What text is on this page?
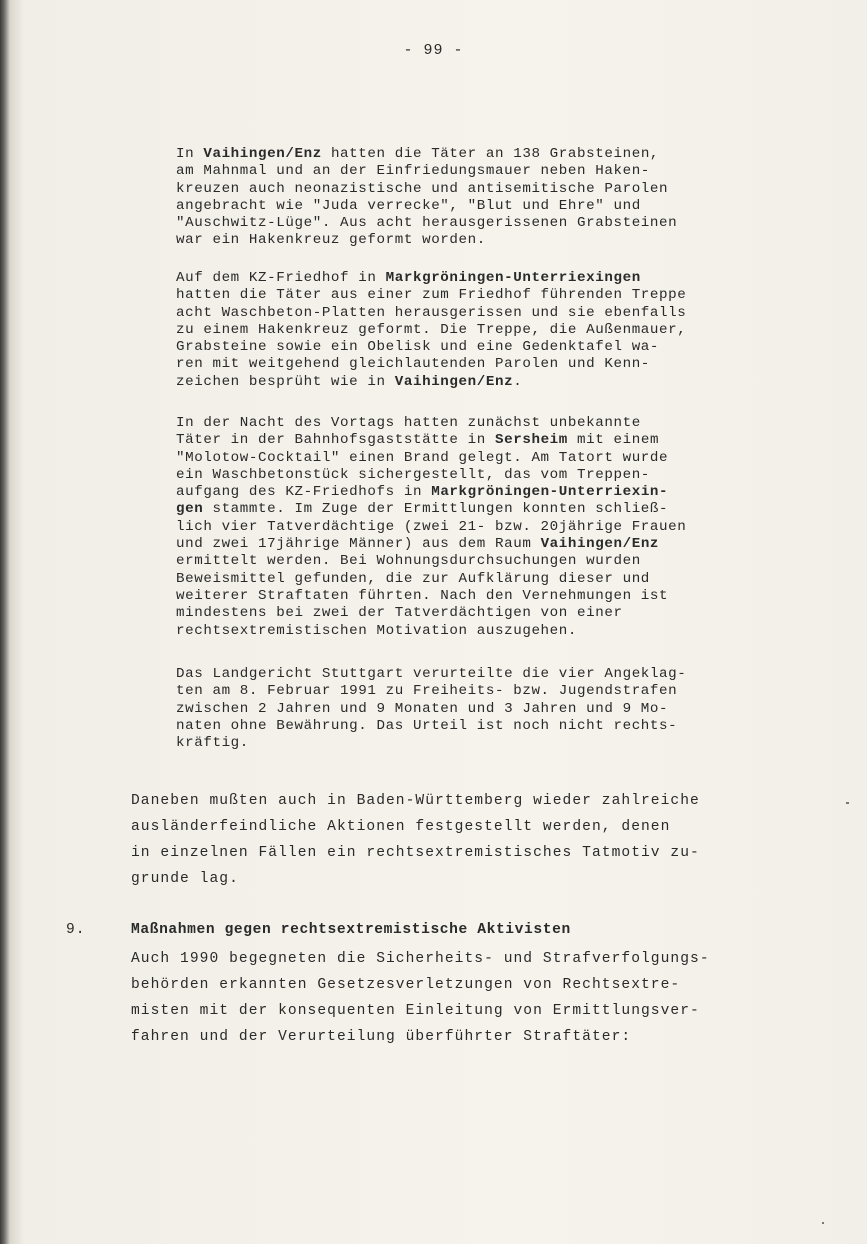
- 99 -
In Vaihingen/Enz hatten die Täter an 138 Grabsteinen,
am Mahnmal und an der Einfriedungsmauer neben Haken-
kreuzen auch neonazistische und antisemitische Parolen
angebracht wie "Juda verrecke", "Blut und Ehre" und
"Auschwitz-Lüge". Aus acht herausgerissenen Grabsteinen
war ein Hakenkreuz geformt worden.
Auf dem KZ-Friedhof in Markgröningen-Unterriexingen
hatten die Täter aus einer zum Friedhof führenden Treppe
acht Waschbeton-Platten herausgerissen und sie ebenfalls
zu einem Hakenkreuz geformt. Die Treppe, die Außenmauer,
Grabsteine sowie ein Obelisk und eine Gedenktafel wa-
ren mit weitgehend gleichlautenden Parolen und Kenn-
zeichen besprüht wie in Vaihingen/Enz.
In der Nacht des Vortags hatten zunächst unbekannte
Täter in der Bahnhofsgaststätte in Sersheim mit einem
"Molotow-Cocktail" einen Brand gelegt. Am Tatort wurde
ein Waschbetonstück sichergestellt, das vom Treppen-
aufgang des KZ-Friedhofs in Markgröningen-Unterriexin-
gen stammte. Im Zuge der Ermittlungen konnten schließ-
lich vier Tatverdächtige (zwei 21- bzw. 20jährige Frauen
und zwei 17jährige Männer) aus dem Raum Vaihingen/Enz
ermittelt werden. Bei Wohnungsdurchsuchungen wurden
Beweismittel gefunden, die zur Aufklärung dieser und
weiterer Straftaten führten. Nach den Vernehmungen ist
mindestens bei zwei der Tatverdächtigen von einer
rechtsextremistischen Motivation auszugehen.
Das Landgericht Stuttgart verurteilte die vier Angeklag-
ten am 8. Februar 1991 zu Freiheits- bzw. Jugendstrafen
zwischen 2 Jahren und 9 Monaten und 3 Jahren und 9 Mo-
naten ohne Bewährung. Das Urteil ist noch nicht rechts-
kräftig.
Daneben mußten auch in Baden-Württemberg wieder zahlreiche
ausländerfeindliche Aktionen festgestellt werden, denen
in einzelnen Fällen ein rechtsextremistisches Tatmotiv zu-
grunde lag.
9.	Maßnahmen gegen rechtsextremistische Aktivisten
Auch 1990 begegneten die Sicherheits- und Strafverfolgungs-
behörden erkannten Gesetzesverletzungen von Rechtsextre-
misten mit der konsequenten Einleitung von Ermittlungsver-
fahren und der Verurteilung überführter Straftäter:
